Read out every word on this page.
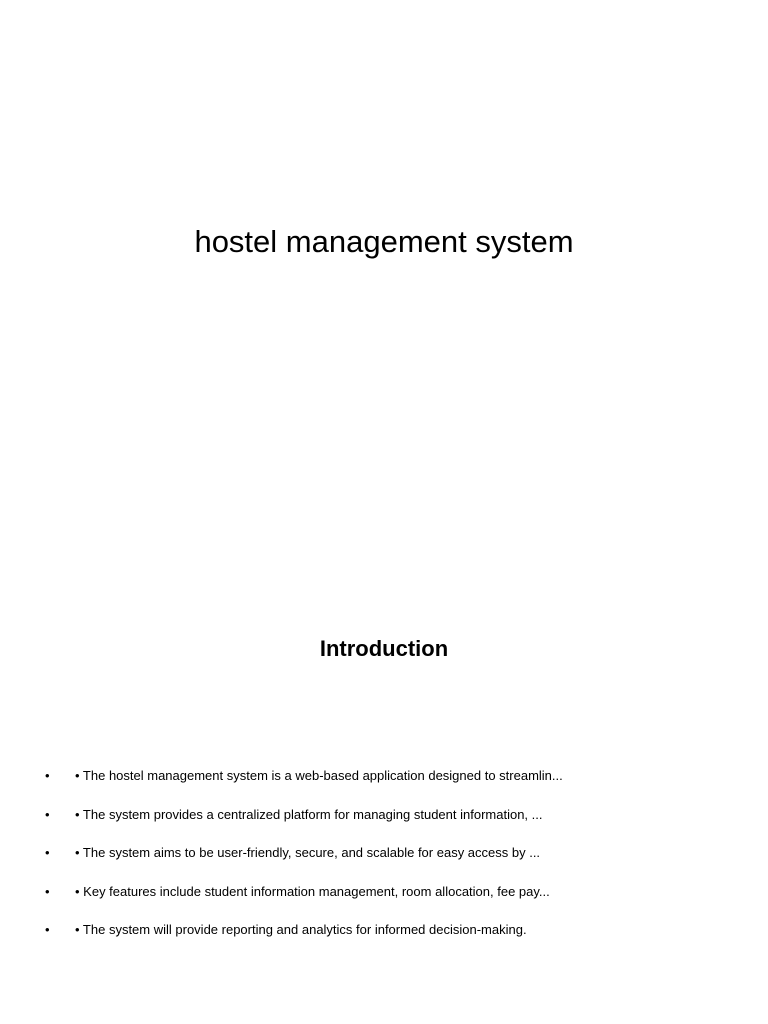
hostel management system
Introduction
• • The hostel management system is a web-based application designed to streamlin...
• • The system provides a centralized platform for managing student information, ...
• • The system aims to be user-friendly, secure, and scalable for easy access by ...
• • Key features include student information management, room allocation, fee pay...
• • The system will provide reporting and analytics for informed decision-making.
